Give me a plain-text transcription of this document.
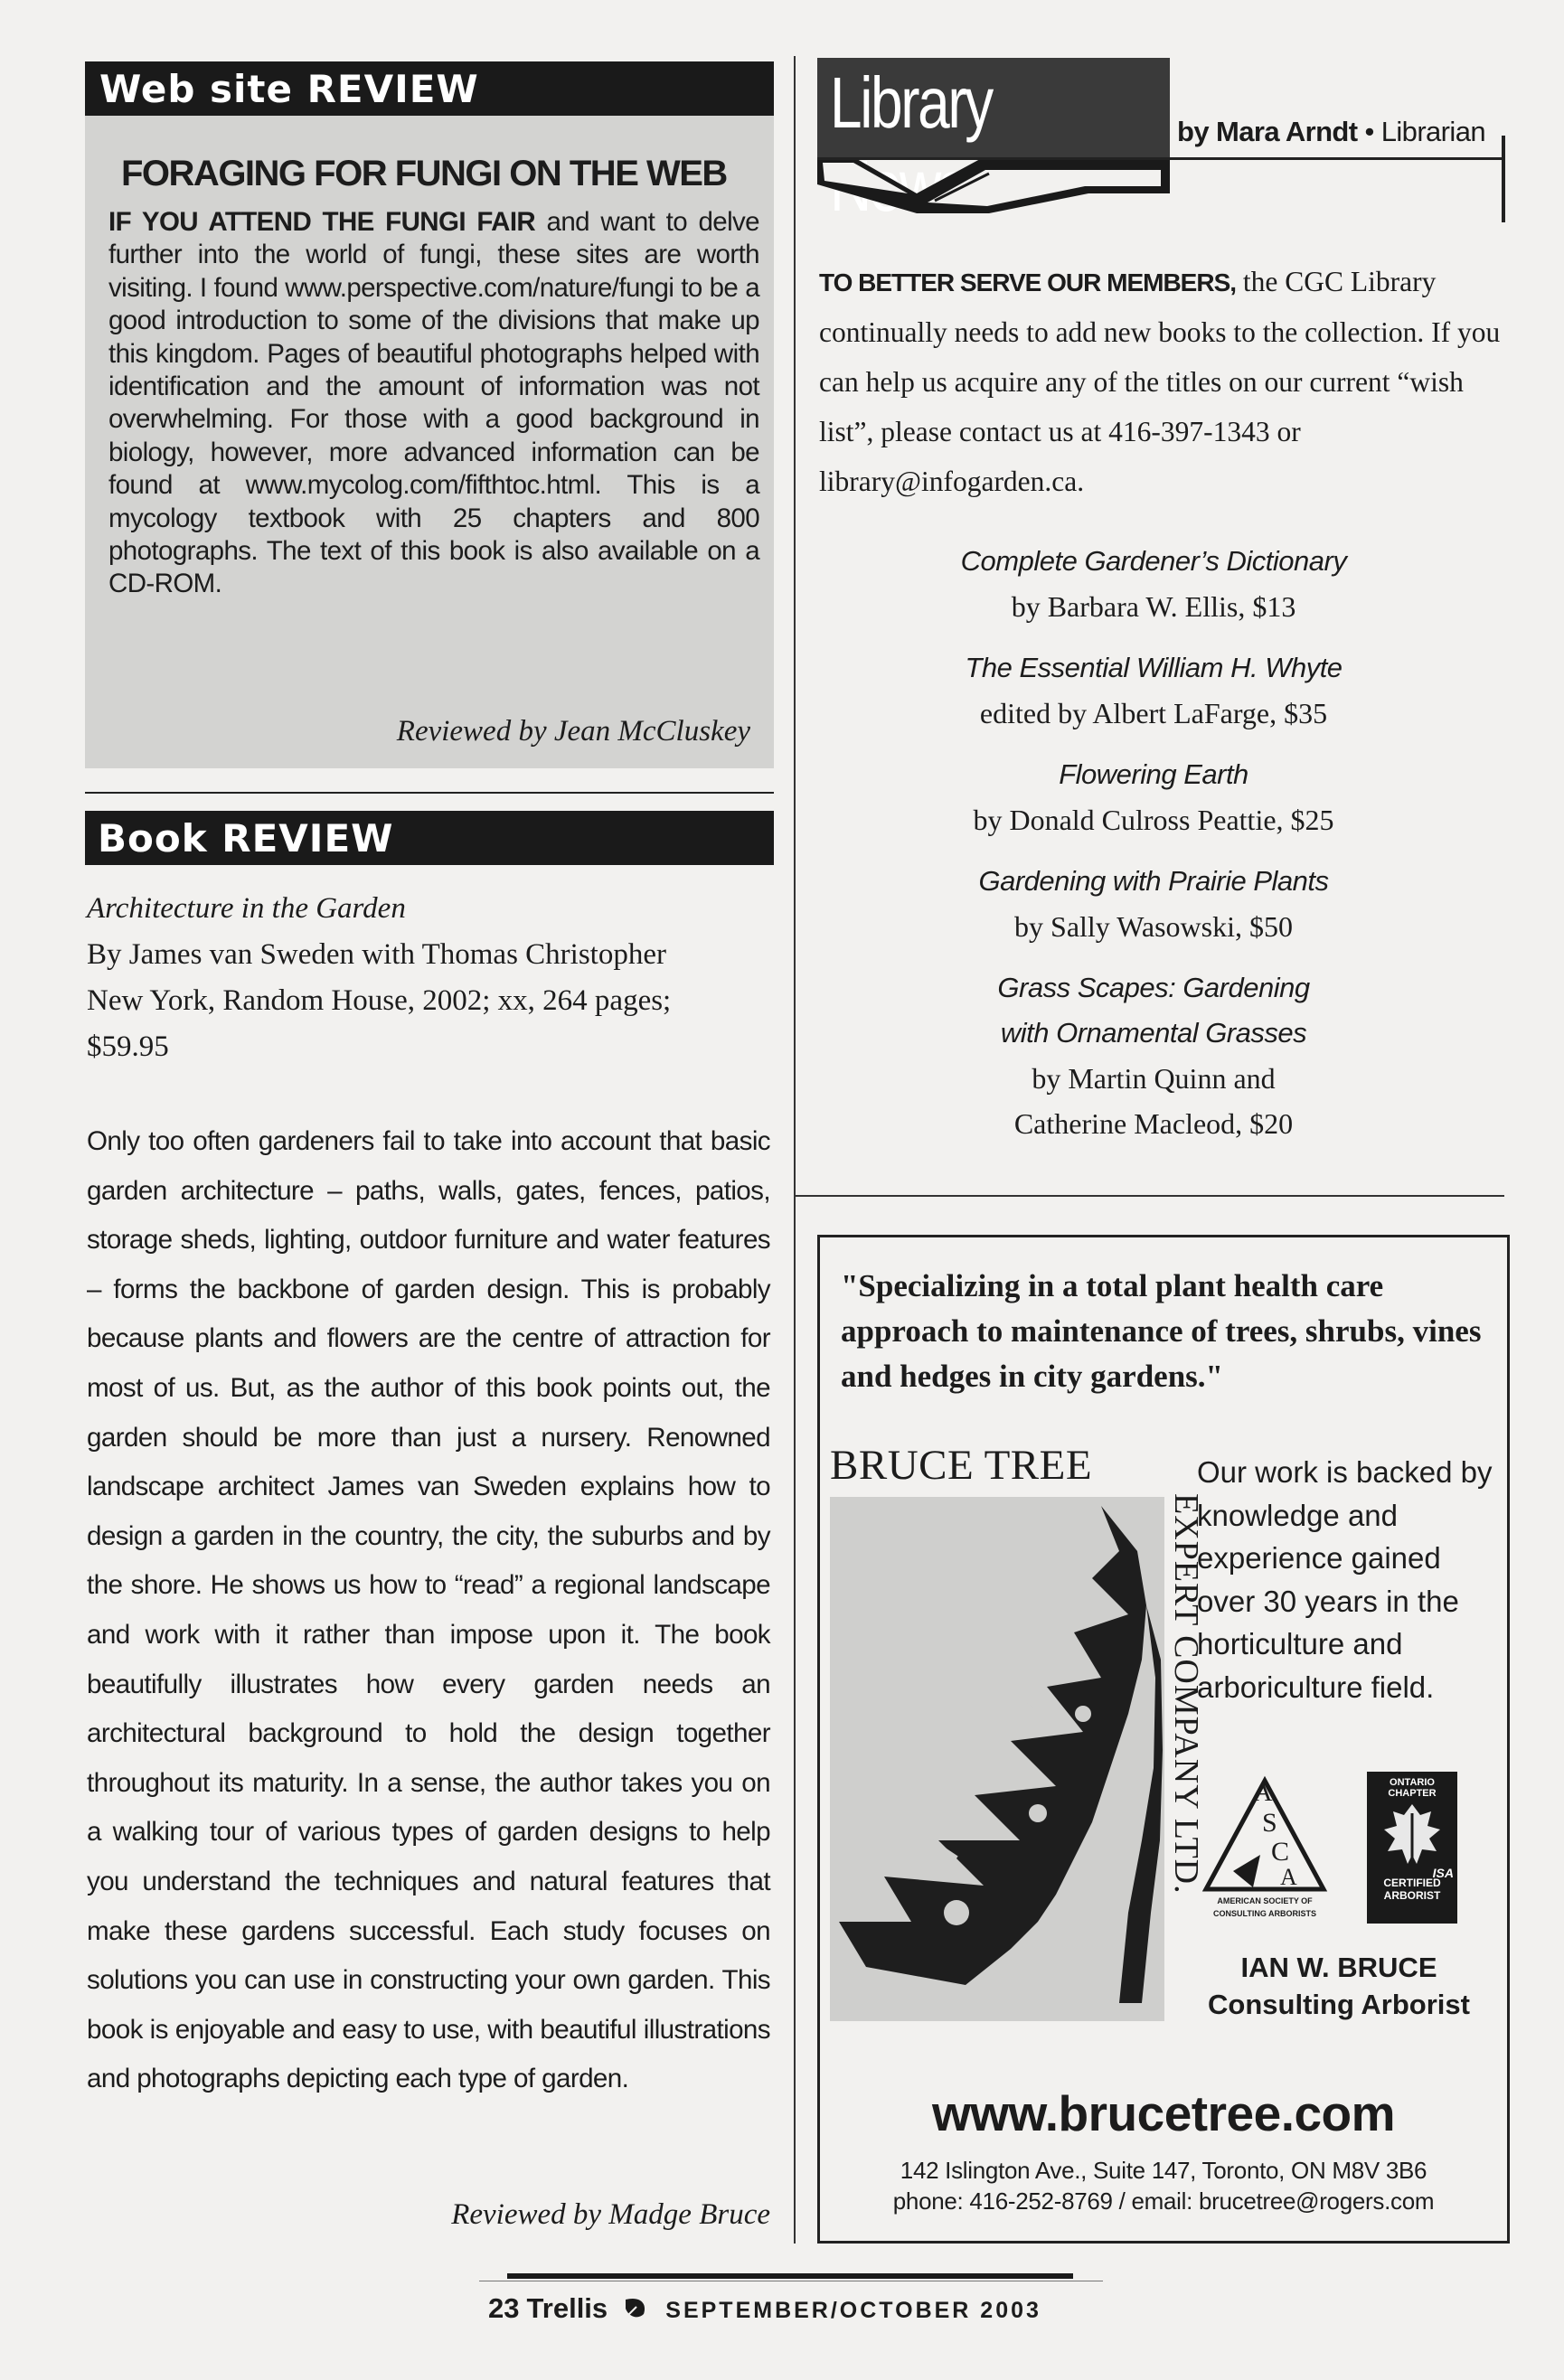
Web site REVIEW
FORAGING FOR FUNGI ON THE WEB

IF YOU ATTEND THE FUNGI FAIR and want to delve further into the world of fungi, these sites are worth visiting. I found www.perspective.com/nature/fungi to be a good introduction to some of the divisions that make up this kingdom. Pages of beautiful photographs helped with identification and the amount of information was not overwhelming. For those with a good background in biology, however, more advanced information can be found at www.mycolog.com/fifthtoc.html. This is a mycology textbook with 25 chapters and 800 photographs. The text of this book is also available on a CD-ROM.

Reviewed by Jean McCluskey
Book REVIEW
Architecture in the Garden
By James van Sweden with Thomas Christopher
New York, Random House, 2002; xx, 264 pages; $59.95

Only too often gardeners fail to take into account that basic garden architecture – paths, walls, gates, fences, patios, storage sheds, lighting, outdoor furniture and water features – forms the backbone of garden design. This is probably because plants and flowers are the centre of attraction for most of us. But, as the author of this book points out, the garden should be more than just a nursery. Renowned landscape architect James van Sweden explains how to design a garden in the country, the city, the suburbs and by the shore. He shows us how to “read” a regional landscape and work with it rather than impose upon it. The book beautifully illustrates how every garden needs an architectural background to hold the design together throughout its maturity. In a sense, the author takes you on a walking tour of various types of garden designs to help you understand the techniques and natural features that make these gardens successful. Each study focuses on solutions you can use in constructing your own garden. This book is enjoyable and easy to use, with beautiful illustrations and photographs depicting each type of garden.

Reviewed by Madge Bruce
Library	by Mara Arndt • Librarian
TO BETTER SERVE OUR MEMBERS, the CGC Library continually needs to add new books to the collection. If you can help us acquire any of the titles on our current “wish list”, please contact us at 416-397-1343 or library@infogarden.ca.
Complete Gardener’s Dictionary
by Barbara W. Ellis, $13
The Essential William H. Whyte
edited by Albert LaFarge, $35
Flowering Earth
by Donald Culross Peattie, $25
Gardening with Prairie Plants
by Sally Wasowski, $50
Grass Scapes: Gardening
with Ornamental Grasses
by Martin Quinn and
Catherine Macleod, $20
"Specializing in a total plant health care approach to maintenance of trees, shrubs, vines and hedges in city gardens."
BRUCE TREE
EXPERT COMPANY LTD.
Our work is backed by knowledge and experience gained over 30 years in the horticulture and arboriculture field.
A
S
C
A
AMERICAN SOCIETY OF
CONSULTING ARBORISTS
ONTARIO
CHAPTER
ISA
CERTIFIED
ARBORIST
IAN W. BRUCE
Consulting Arborist
www.brucetree.com
142 Islington Ave., Suite 147, Toronto, ON M8V 3B6
phone: 416-252-8769 / email: brucetree@rogers.com
23 Trellis	SEPTEMBER/OCTOBER 2003
